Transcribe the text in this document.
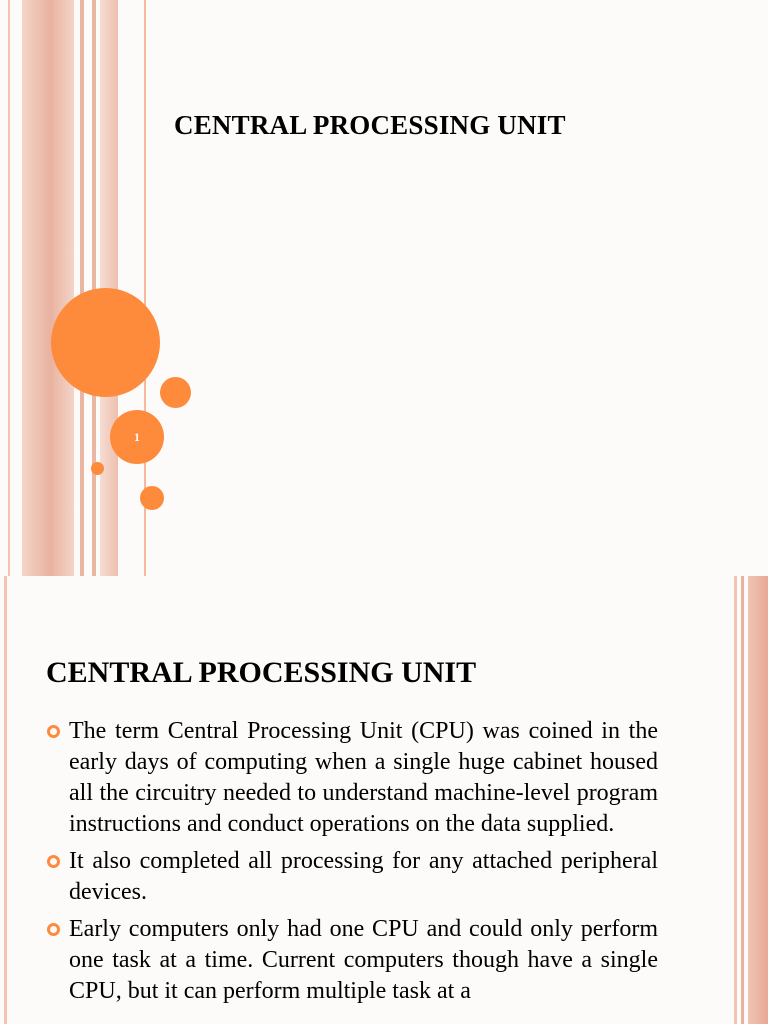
CENTRAL PROCESSING UNIT
1
CENTRAL PROCESSING UNIT
The term Central Processing Unit (CPU) was coined in the early days of computing when a single huge cabinet housed all the circuitry needed to understand machine-level program instructions and conduct operations on the data supplied.
It also completed all processing for any attached peripheral devices.
Early computers only had one CPU and could only perform one task at a time. Current computers though have a single CPU, but it can perform multiple task at a
